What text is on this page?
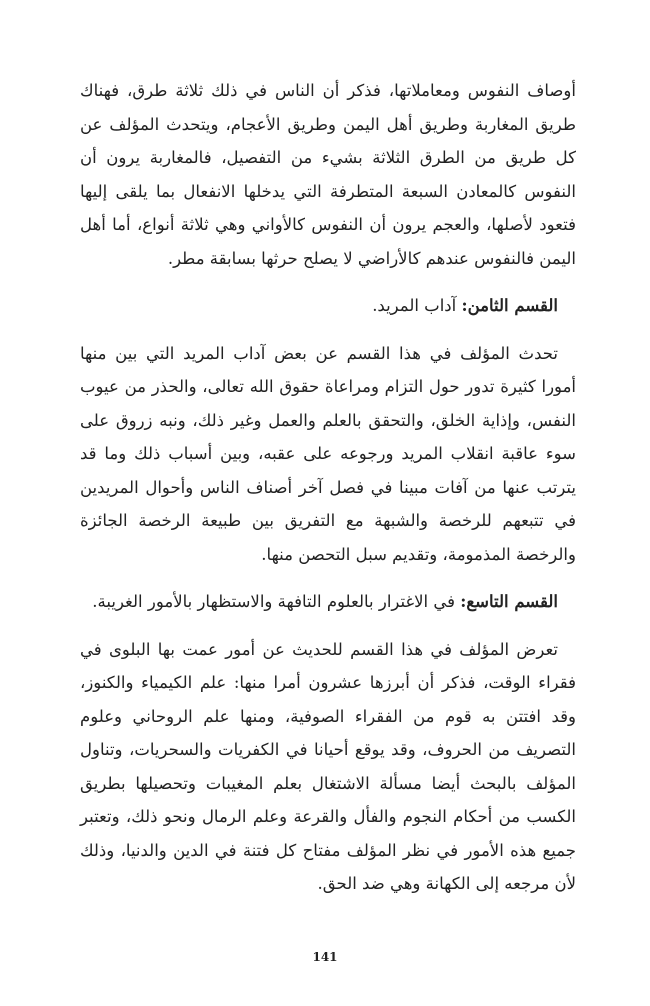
أوصاف النفوس ومعاملاتها، فذكر أن الناس في ذلك ثلاثة طرق، فهناك طريق المغاربة وطريق أهل اليمن وطريق الأعجام، ويتحدث المؤلف عن كل طريق من الطرق الثلاثة بشيء من التفصيل، فالمغاربة يرون أن النفوس كالمعادن السبعة المتطرفة التي يدخلها الانفعال بما يلقى إليها فتعود لأصلها، والعجم يرون أن النفوس كالأواني وهي ثلاثة أنواع، أما أهل اليمن فالنفوس عندهم كالأراضي لا يصلح حرثها بسابقة مطر.

القسم الثامن: آداب المريد.

تحدث المؤلف في هذا القسم عن بعض آداب المريد التي بين منها أمورا كثيرة تدور حول التزام ومراعاة حقوق الله تعالى، والحذر من عيوب النفس، وإذاية الخلق، والتحقق بالعلم والعمل وغير ذلك، ونبه زروق على سوء عاقبة انقلاب المريد ورجوعه على عقبه، وبين أسباب ذلك وما قد يترتب عنها من آفات مبينا في فصل آخر أصناف الناس وأحوال المريدين في تتبعهم للرخصة والشبهة مع التفريق بين طبيعة الرخصة الجائزة والرخصة المذمومة، وتقديم سبل التحصن منها.

القسم التاسع: في الاغترار بالعلوم التافهة والاستظهار بالأمور الغريبة.

تعرض المؤلف في هذا القسم للحديث عن أمور عمت بها البلوى في فقراء الوقت، فذكر أن أبرزها عشرون أمرا منها: علم الكيمياء والكنوز، وقد افتتن به قوم من الفقراء الصوفية، ومنها علم الروحاني وعلوم التصريف من الحروف، وقد يوقع أحيانا في الكفريات والسحريات، وتناول المؤلف بالبحث أيضا مسألة الاشتغال بعلم المغيبات وتحصيلها بطريق الكسب من أحكام النجوم والفأل والقرعة وعلم الرمال ونحو ذلك، وتعتبر جميع هذه الأمور في نظر المؤلف مفتاح كل فتنة في الدين والدنيا، وذلك لأن مرجعه إلى الكهانة وهي ضد الحق.

141
